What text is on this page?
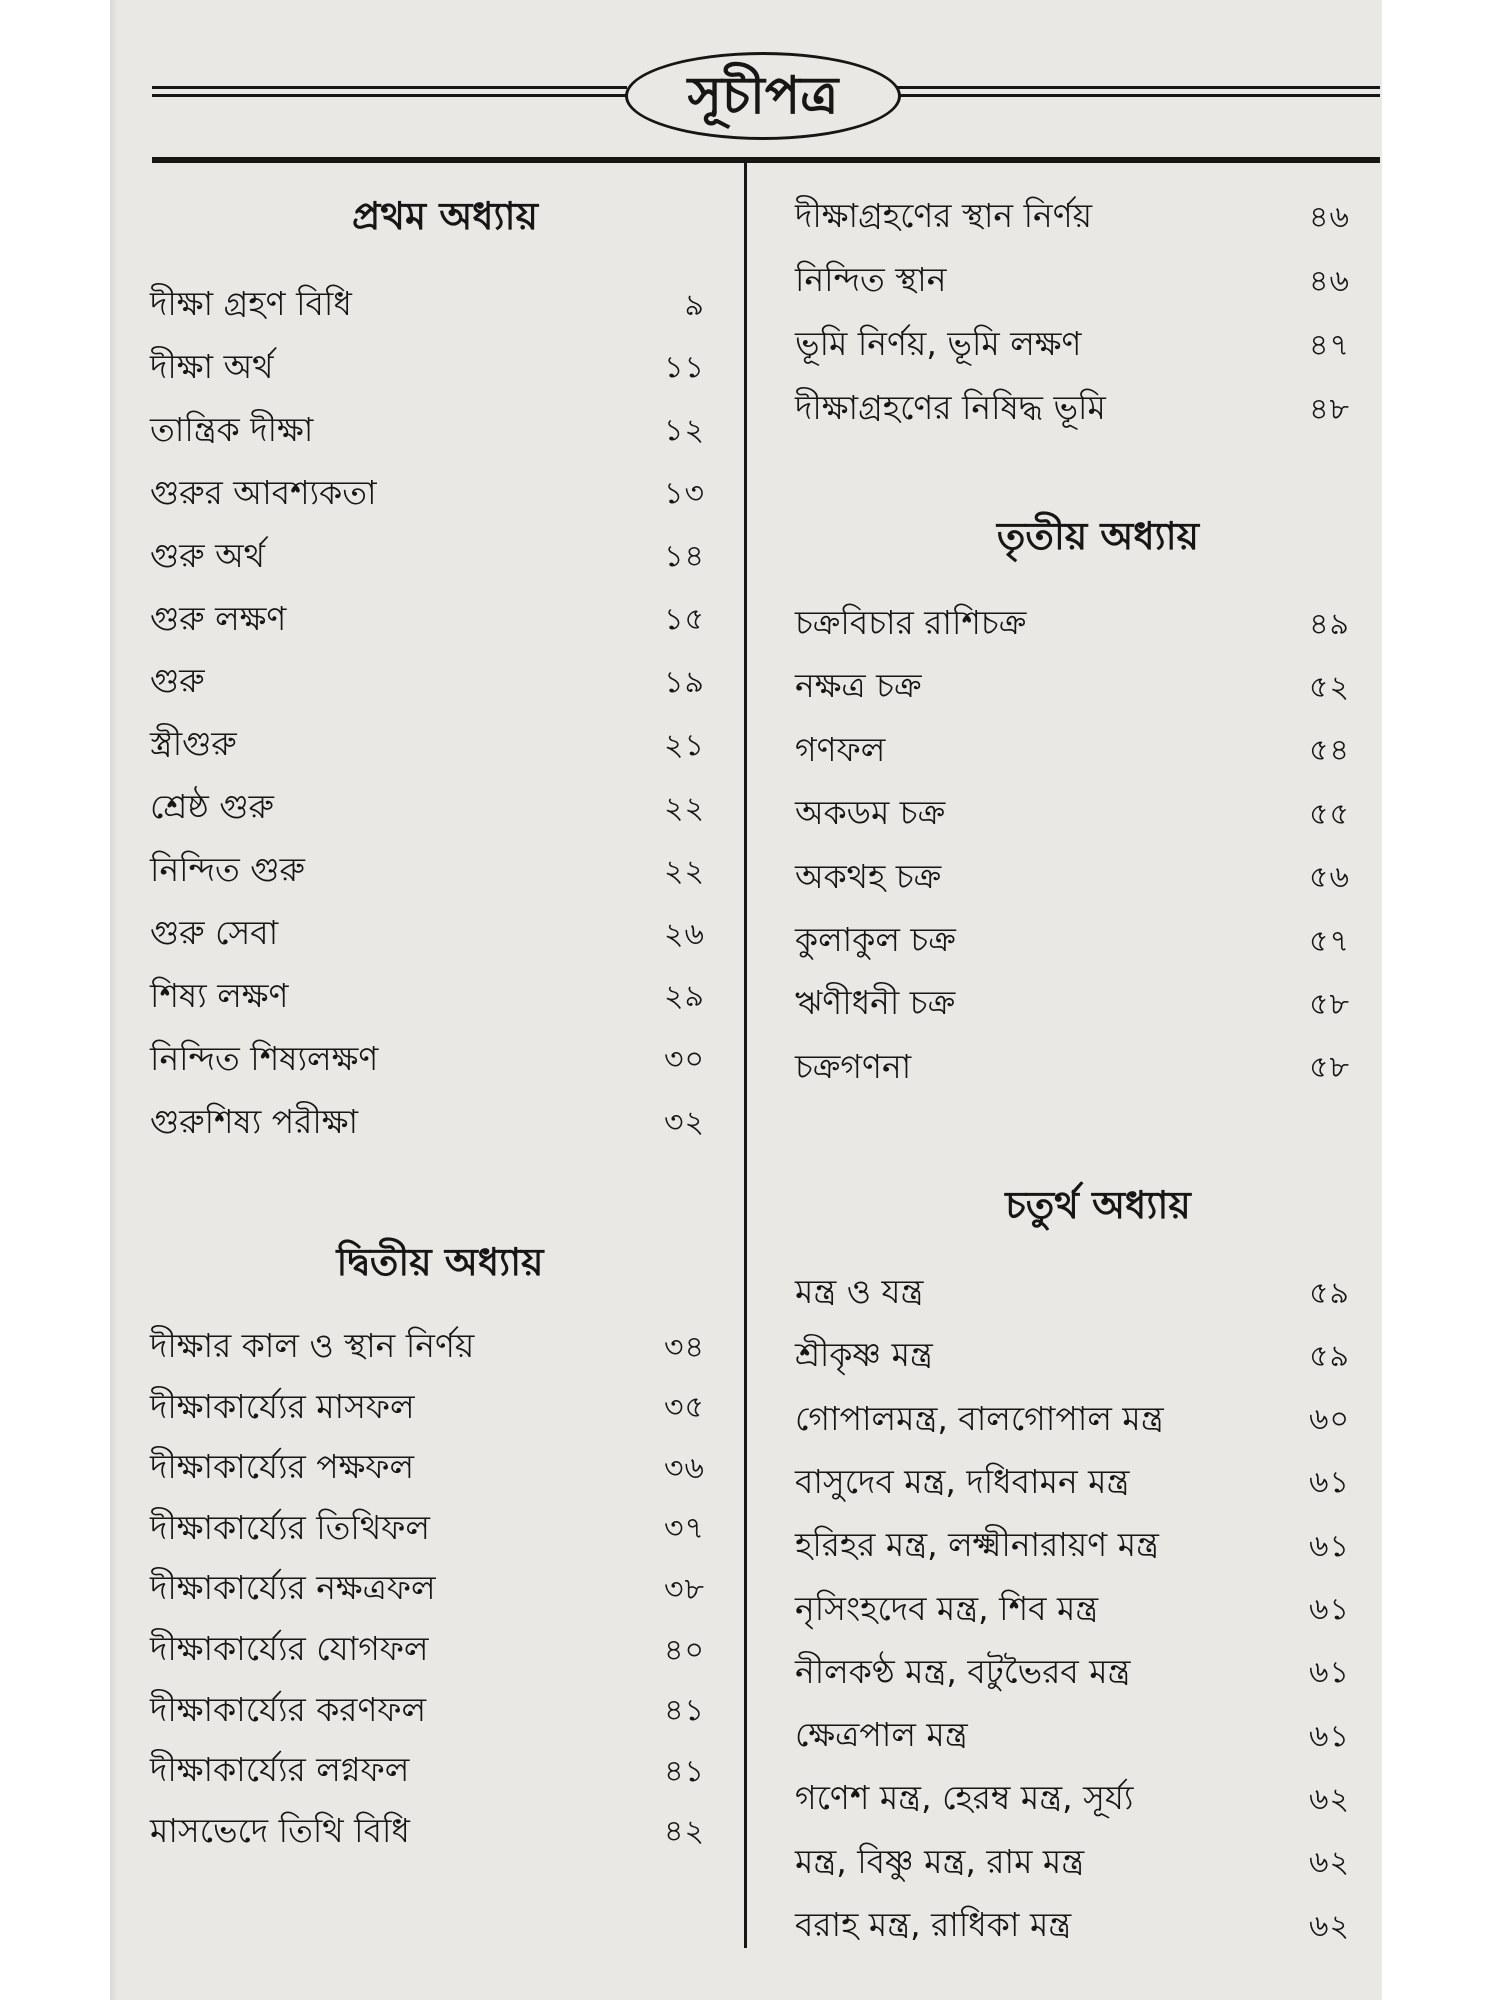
সূচীপত্র
প্রথম অধ্যায়
দীক্ষা গ্রহণ বিধি	৯
দীক্ষা অর্থ	১১
তান্ত্রিক দীক্ষা	১২
গুরুর আবশ্যকতা	১৩
গুরু অর্থ	১৪
গুরু লক্ষণ	১৫
গুরু	১৯
স্ত্রীগুরু	২১
শ্রেষ্ঠ গুরু	২২
নিন্দিত গুরু	২২
গুরু সেবা	২৬
শিষ্য লক্ষণ	২৯
নিন্দিত শিষ্যলক্ষণ	৩০
গুরুশিষ্য পরীক্ষা	৩২
দ্বিতীয় অধ্যায়
দীক্ষার কাল ও স্থান নির্ণয়	৩৪
দীক্ষাকার্য্যের মাসফল	৩৫
দীক্ষাকার্য্যের পক্ষফল	৩৬
দীক্ষাকার্য্যের তিথিফল	৩৭
দীক্ষাকার্য্যের নক্ষত্রফল	৩৮
দীক্ষাকার্য্যের যোগফল	৪০
দীক্ষাকার্য্যের করণফল	৪১
দীক্ষাকার্য্যের লগ্নফল	৪১
মাসভেদে তিথি বিধি	৪২
দীক্ষাগ্রহণের স্থান নির্ণয়	৪৬
নিন্দিত স্থান	৪৬
ভূমি নির্ণয়, ভূমি লক্ষণ	৪৭
দীক্ষাগ্রহণের নিষিদ্ধ ভূমি	৪৮
তৃতীয় অধ্যায়
চক্রবিচার রাশিচক্র	৪৯
নক্ষত্র চক্র	৫২
গণফল	৫৪
অকডম চক্র	৫৫
অকথহ চক্র	৫৬
কুলাকুল চক্র	৫৭
ঋণীধনী চক্র	৫৮
চক্রগণনা	৫৮
চতুর্থ অধ্যায়
মন্ত্র ও যন্ত্র	৫৯
শ্রীকৃষ্ণ মন্ত্র	৫৯
গোপালমন্ত্র, বালগোপাল মন্ত্র	৬০
বাসুদেব মন্ত্র, দধিবামন মন্ত্র	৬১
হরিহর মন্ত্র, লক্ষ্মীনারায়ণ মন্ত্র	৬১
নৃসিংহদেব মন্ত্র, শিব মন্ত্র	৬১
নীলকণ্ঠ মন্ত্র, বটুভৈরব মন্ত্র	৬১
ক্ষেত্রপাল মন্ত্র	৬১
গণেশ মন্ত্র, হেরম্ব মন্ত্র, সূর্য্য	৬২
মন্ত্র, বিষ্ণু মন্ত্র, রাম মন্ত্র	৬২
বরাহ মন্ত্র, রাধিকা মন্ত্র	৬২
